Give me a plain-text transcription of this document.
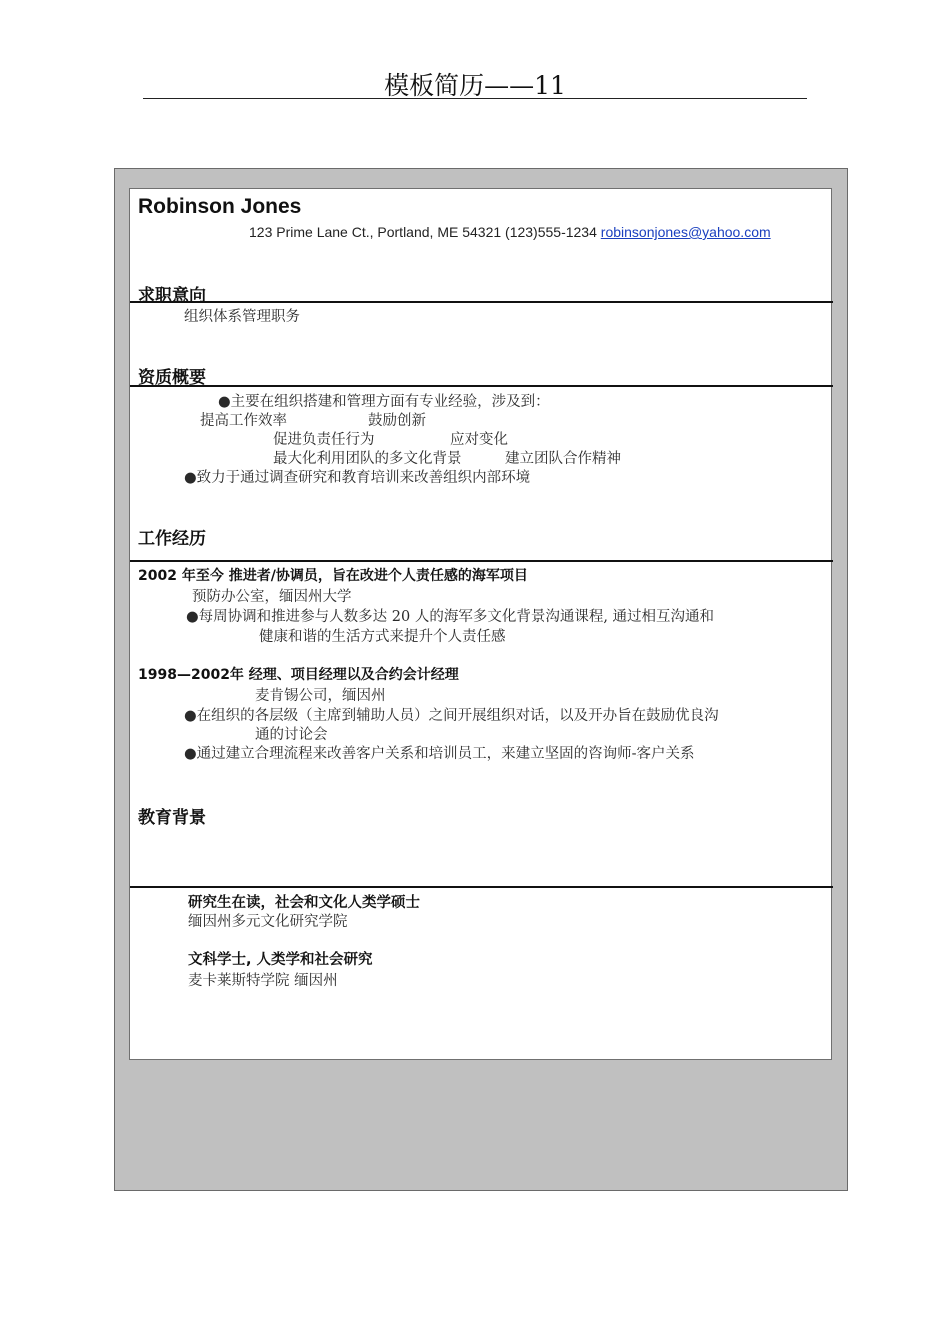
模板简历——11
Robinson Jones
123 Prime Lane Ct., Portland, ME 54321 (123)555-1234 robinsonjones@yahoo.com
求职意向
组织体系管理职务
资质概要
●主要在组织搭建和管理方面有专业经验，涉及到：
提高工作效率	鼓励创新
促进负责任行为	应对变化
最大化利用团队的多文化背景	建立团队合作精神
●致力于通过调查研究和教育培训来改善组织内部环境
工作经历
2002 年至今 推进者/协调员，旨在改进个人责任感的海军项目
预防办公室，缅因州大学
●每周协调和推进参与人数多达 20 人的海军多文化背景沟通课程, 通过相互沟通和
健康和谐的生活方式来提升个人责任感
1998—2002年 经理、项目经理以及合约会计经理
麦肯锡公司，缅因州
●在组织的各层级（主席到辅助人员）之间开展组织对话，以及开办旨在鼓励优良沟
通的讨论会
●通过建立合理流程来改善客户关系和培训员工，来建立坚固的咨询师-客户关系
教育背景
研究生在读，社会和文化人类学硕士
缅因州多元文化研究学院
文科学士, 人类学和社会研究
麦卡莱斯特学院 缅因州
